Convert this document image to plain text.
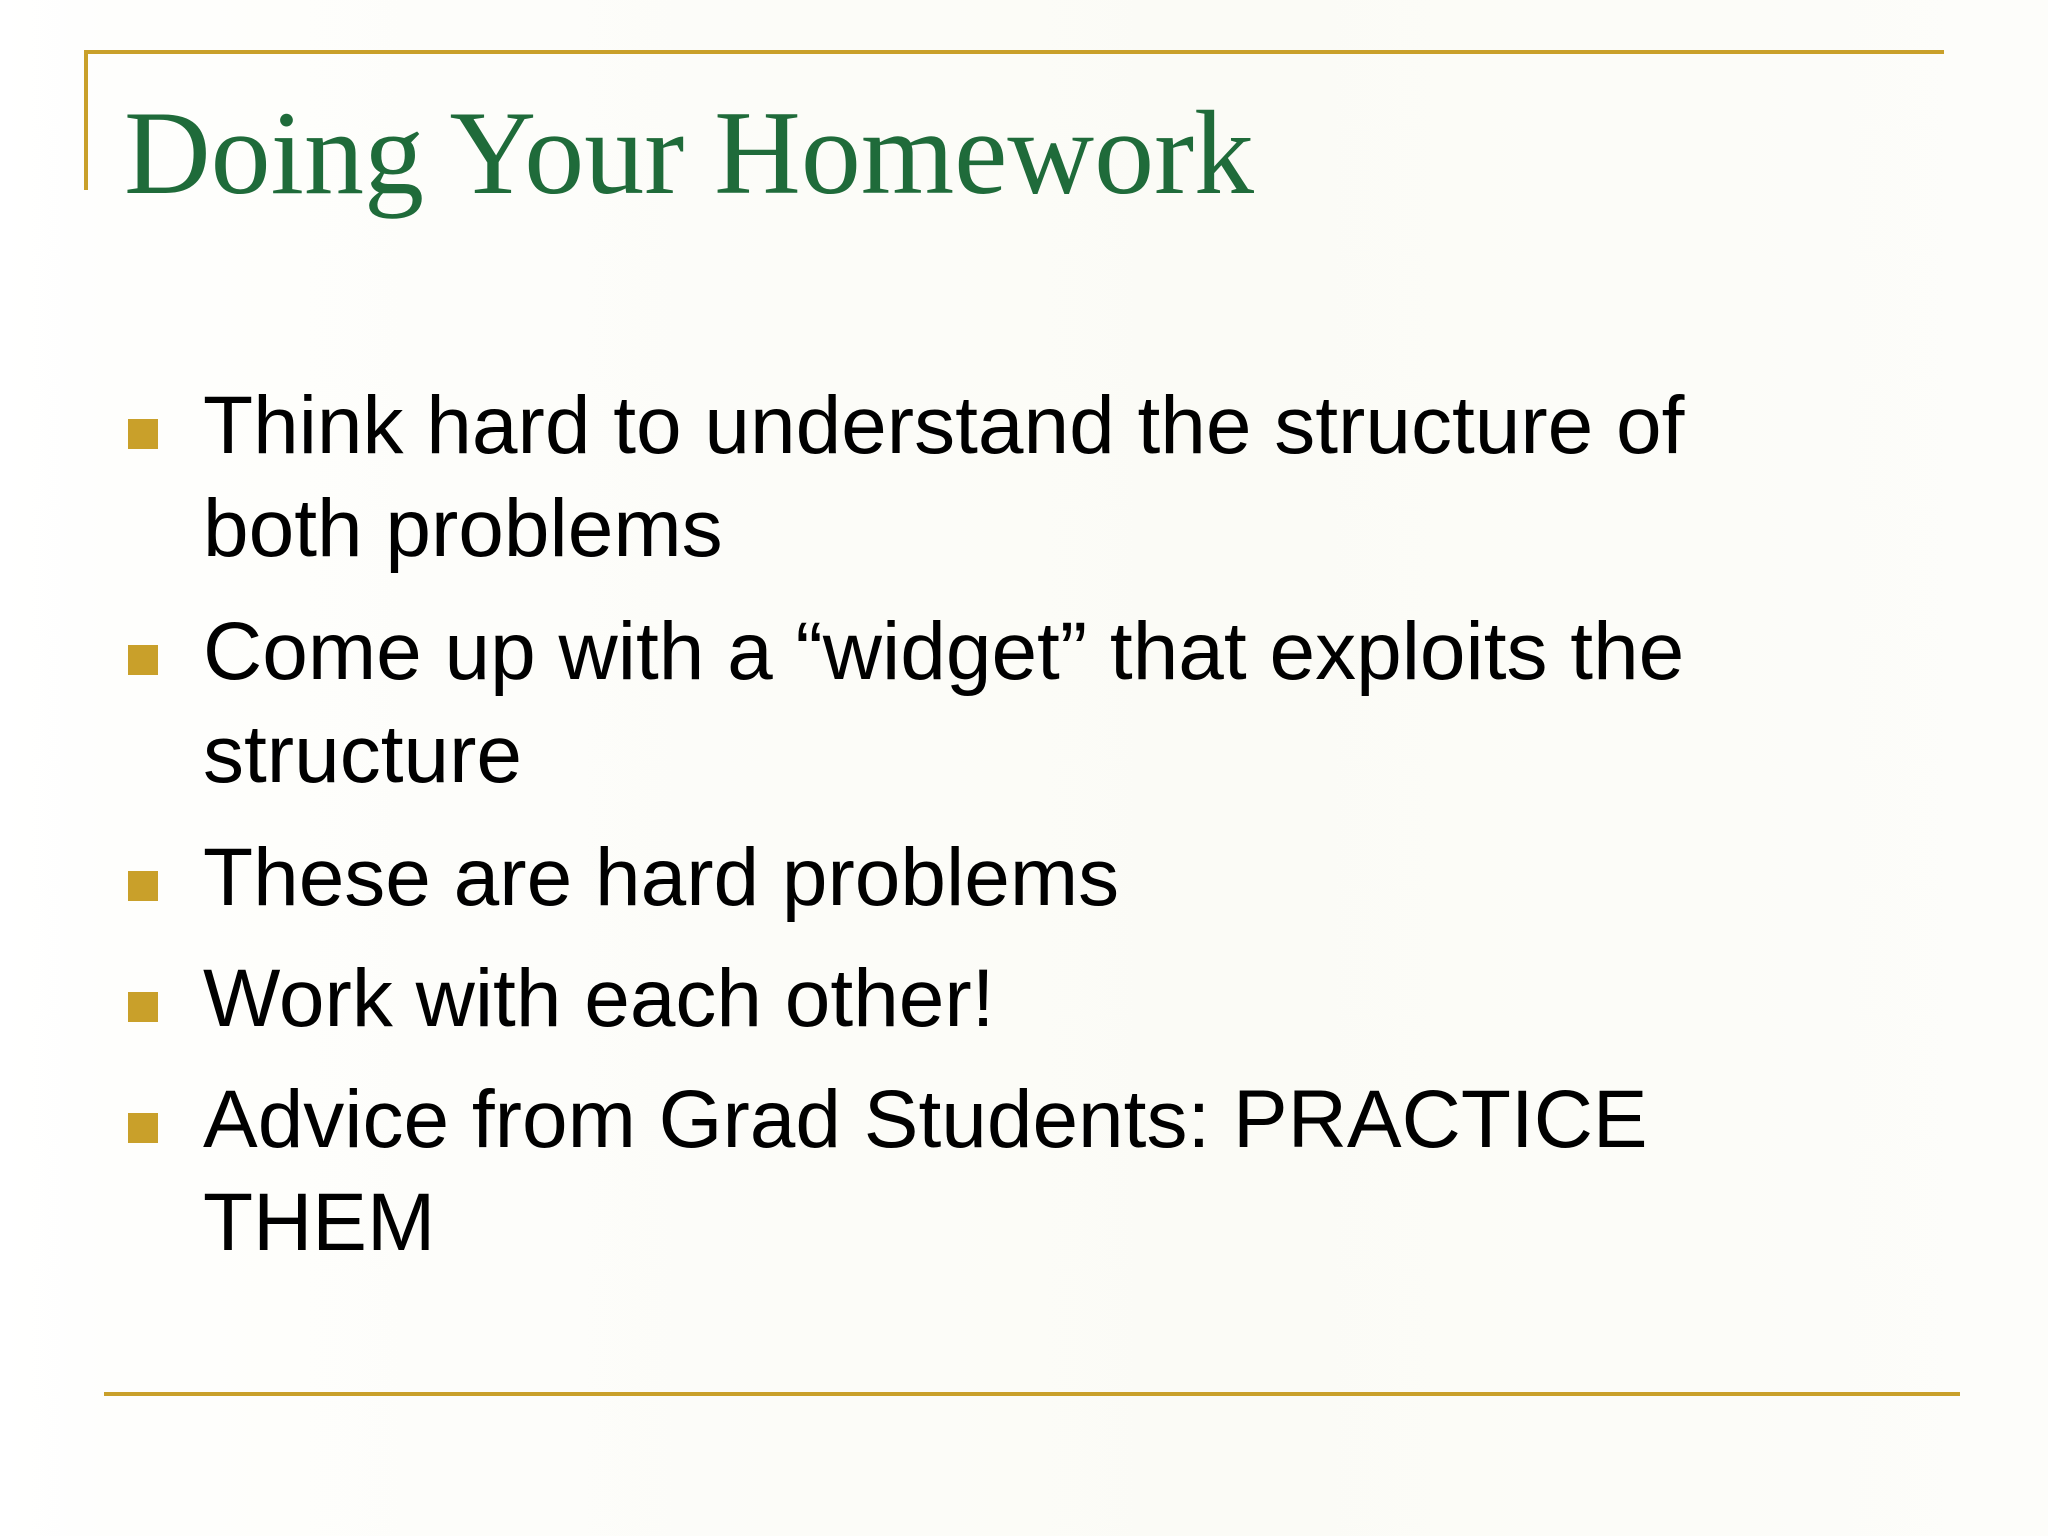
Doing Your Homework
Think hard to understand the structure of both problems
Come up with a “widget” that exploits the structure
These are hard problems
Work with each other!
Advice from Grad Students: PRACTICE THEM
